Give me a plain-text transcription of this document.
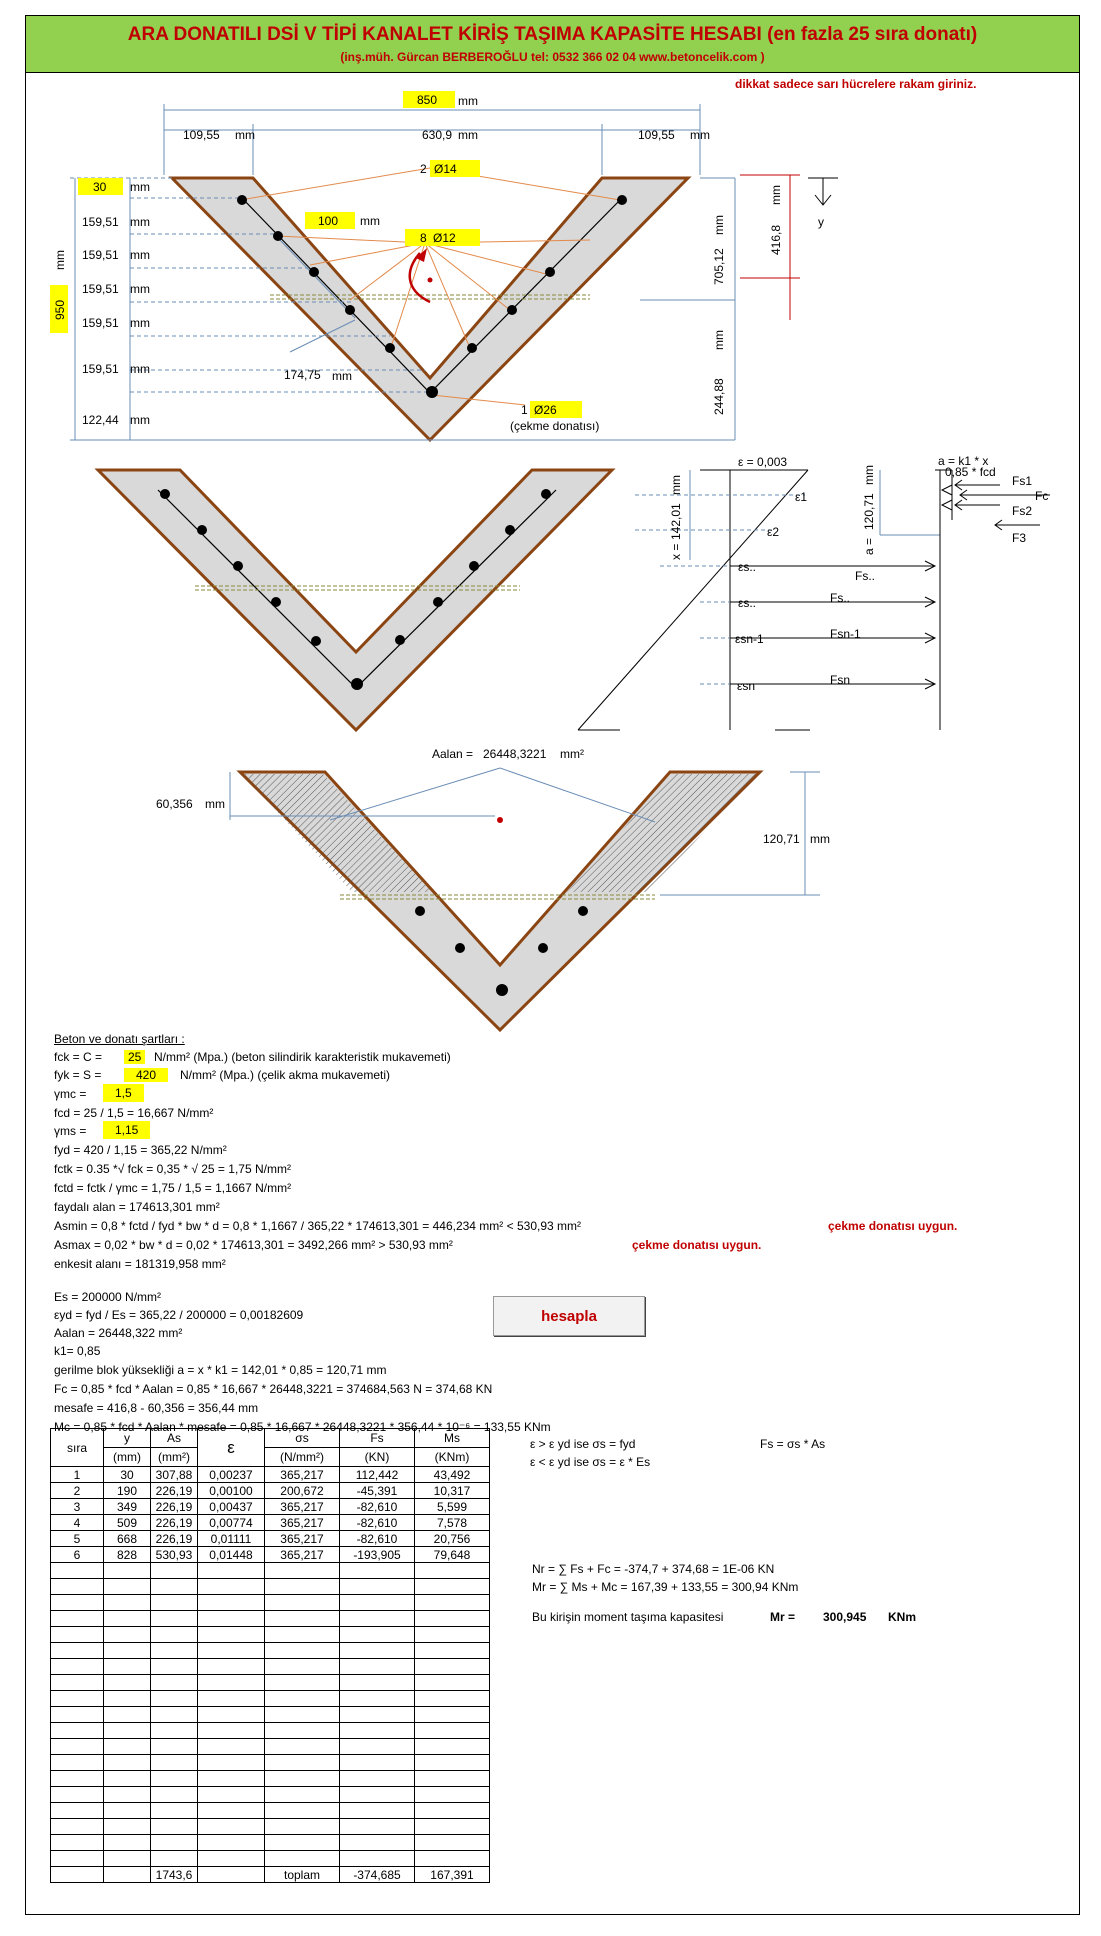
ARA DONATILI DSİ V TİPİ KANALET KİRİŞ TAŞIMA KAPASİTE HESABI (en fazla 25 sıra donatı)
(inş.müh. Gürcan BERBEROĞLU tel: 0532 366 02 04 www.betoncelik.com )
dikkat sadece sarı hücrelere rakam giriniz.
850 mm
109,55 mm	630,9 mm	109,55 mm
2 Ø14
30 mm
100 mm
8 Ø12
159,51 mm
159,51 mm
159,51 mm
159,51 mm
159,51 mm
122,44 mm
950
mm
174,75 mm
1 Ø26
(çekme donatısı)
416,8
mm
705,12
mm
244,88
mm
y
ε = 0,003
ε1
ε2
εs..
εs..
εsn-1
εsn
x =
142,01
mm
a =
120,71
mm
a = k1 * x
0,85 * fcd
Fs1
Fc
Fs2
F3
Fs..
Fs..
Fsn-1
Fsn
Aalan = 26448,3221 mm²
60,356 mm
120,71 mm
Beton ve donatı şartları :
fck = C =	25	N/mm² (Mpa.) (beton silindirik karakteristik mukavemeti)
fyk = S =	420	N/mm² (Mpa.) (çelik akma mukavemeti)
γmc =	1,5
fcd = 25 / 1,5 = 16,667 N/mm²
γms =	1,15
fyd = 420 / 1,15 = 365,22 N/mm²
fctk = 0.35 *√ fck = 0,35 * √ 25 = 1,75 N/mm²
fctd = fctk / γmc = 1,75 / 1,5 = 1,1667 N/mm²
faydalı alan = 174613,301 mm²
Asmin = 0,8 * fctd / fyd * bw * d = 0,8 * 1,1667 / 365,22 * 174613,301 = 446,234 mm² < 530,93 mm²	çekme donatısı uygun.
Asmax = 0,02 * bw * d = 0,02 * 174613,301 = 3492,266 mm² > 530,93 mm²	çekme donatısı uygun.
enkesit alanı = 181319,958 mm²
Es = 200000 N/mm²
εyd = fyd / Es = 365,22 / 200000 = 0,00182609
Aalan = 26448,322 mm²
k1= 0,85
gerilme blok yüksekliği a = x * k1 = 142,01 * 0,85 = 120,71 mm
Fc = 0,85 * fcd * Aalan = 0,85 * 16,667 * 26448,3221 = 374684,563 N = 374,68 KN
mesafe = 416,8 - 60,356 = 356,44 mm
Mc = 0,85 * fcd * Aalan * mesafe = 0,85 * 16,667 * 26448,3221 * 356,44 * 10⁻⁶ = 133,55 KNm
hesapla
ε > ε yd ise σs = fyd	Fs = σs * As
ε < ε yd ise σs = ε * Es
Nr = ∑ Fs + Fc = -374,7 + 374,68 = 1E-06 KN
Mr = ∑ Ms + Mc = 167,39 + 133,55 = 300,94 KNm
Bu kirişin moment taşıma kapasitesi	Mr = 300,945 KNm
sıra	y	As	ε	σs	Fs	Ms
	(mm)	(mm²)		(N/mm²)	(KN)	(KNm)
1	30	307,88	0,00237	365,217	112,442	43,492
2	190	226,19	0,00100	200,672	-45,391	10,317
3	349	226,19	0,00437	365,217	-82,610	5,599
4	509	226,19	0,00774	365,217	-82,610	7,578
5	668	226,19	0,01111	365,217	-82,610	20,756
6	828	530,93	0,01448	365,217	-193,905	79,648

		1743,6		toplam	-374,685	167,391
